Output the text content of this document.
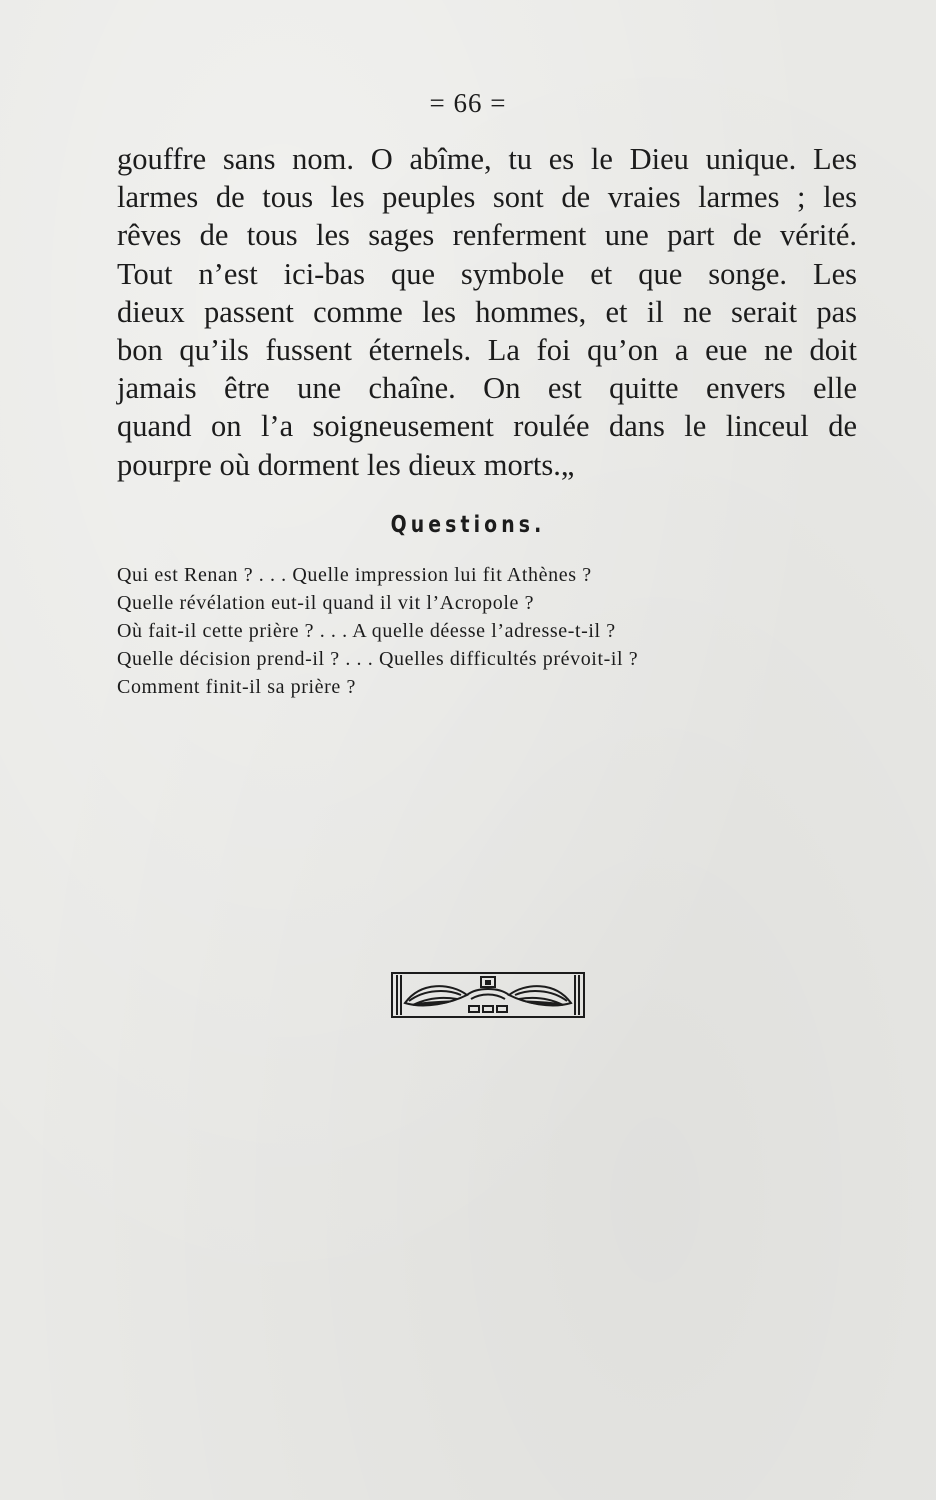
= 66 =

gouffre sans nom. O abîme, tu es le Dieu unique. Les
larmes de tous les peuples sont de vraies larmes ; les
rêves de tous les sages renferment une part de vérité.
Tout n’est ici-bas que symbole et que songe. Les
dieux passent comme les hommes, et il ne serait pas
bon qu’ils fussent éternels. La foi qu’on a eue ne doit
jamais être une chaîne. On est quitte envers elle
quand on l’a soigneusement roulée dans le linceul de
pourpre où dorment les dieux morts.„

Questions.
Qui est Renan ? . . . Quelle impression lui fit Athènes ?
Quelle révélation eut-il quand il vit l’Acropole ?
Où fait-il cette prière ? . . . A quelle déesse l’adresse-t-il ?
Quelle décision prend-il ? . . . Quelles difficultés prévoit-il ?
Comment finit-il sa prière ?
